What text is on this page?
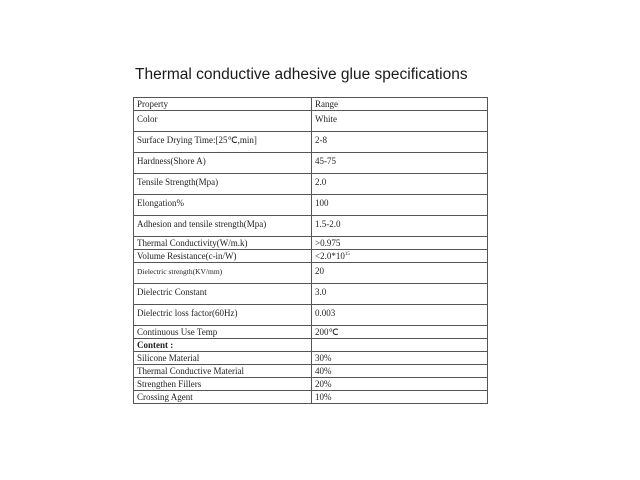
Thermal conductive adhesive glue specifications
Property	Range
Color	White
Surface Drying Time:[25℃,min]	2-8
Hardness(Shore A)	45-75
Tensile Strength(Mpa)	2.0
Elongation%	100
Adhesion and tensile strength(Mpa)	1.5-2.0
Thermal Conductivity(W/m.k)	>0.975
Volume Resistance(c-in/W)	$<2.0*10^{15}$
Dielectric strength(KV/mm)	20
Dielectric Constant	3.0
Dielectric loss factor(60Hz)	0.003
Continuous Use Temp	200℃
Content :	
Silicone Material	30%
Thermal Conductive Material	40%
Strengthen Fillers	20%
Crossing Agent	10%
